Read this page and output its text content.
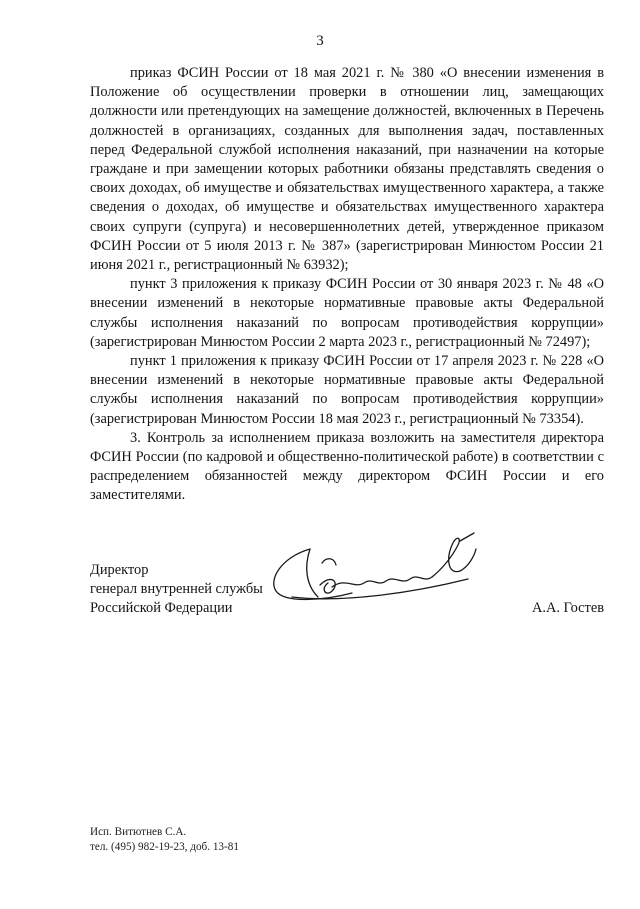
3

приказ ФСИН России от 18 мая 2021 г. № 380 «О внесении изменения в Положение об осуществлении проверки в отношении лиц, замещающих должности или претендующих на замещение должностей, включенных в Перечень должностей в организациях, созданных для выполнения задач, поставленных перед Федеральной службой исполнения наказаний, при назначении на которые граждане и при замещении которых работники обязаны представлять сведения о своих доходах, об имуществе и обязательствах имущественного характера, а также сведения о доходах, об имуществе и обязательствах имущественного характера своих супруги (супруга) и несовершеннолетних детей, утвержденное приказом ФСИН России от 5 июля 2013 г. № 387» (зарегистрирован Минюстом России 21 июня 2021 г., регистрационный № 63932);

пункт 3 приложения к приказу ФСИН России от 30 января 2023 г. № 48 «О внесении изменений в некоторые нормативные правовые акты Федеральной службы исполнения наказаний по вопросам противодействия коррупции» (зарегистрирован Минюстом России 2 марта 2023 г., регистрационный № 72497);

пункт 1 приложения к приказу ФСИН России от 17 апреля 2023 г. № 228 «О внесении изменений в некоторые нормативные правовые акты Федеральной службы исполнения наказаний по вопросам противодействия коррупции» (зарегистрирован Минюстом России 18 мая 2023 г., регистрационный № 73354).

3. Контроль за исполнением приказа возложить на заместителя директора ФСИН России (по кадровой и общественно-политической работе) в соответствии с распределением обязанностей между директором ФСИН России и его заместителями.

Директор
генерал внутренней службы
Российской Федерации	А.А. Гостев
Исп. Витютнев С.А.
тел. (495) 982-19-23, доб. 13-81
